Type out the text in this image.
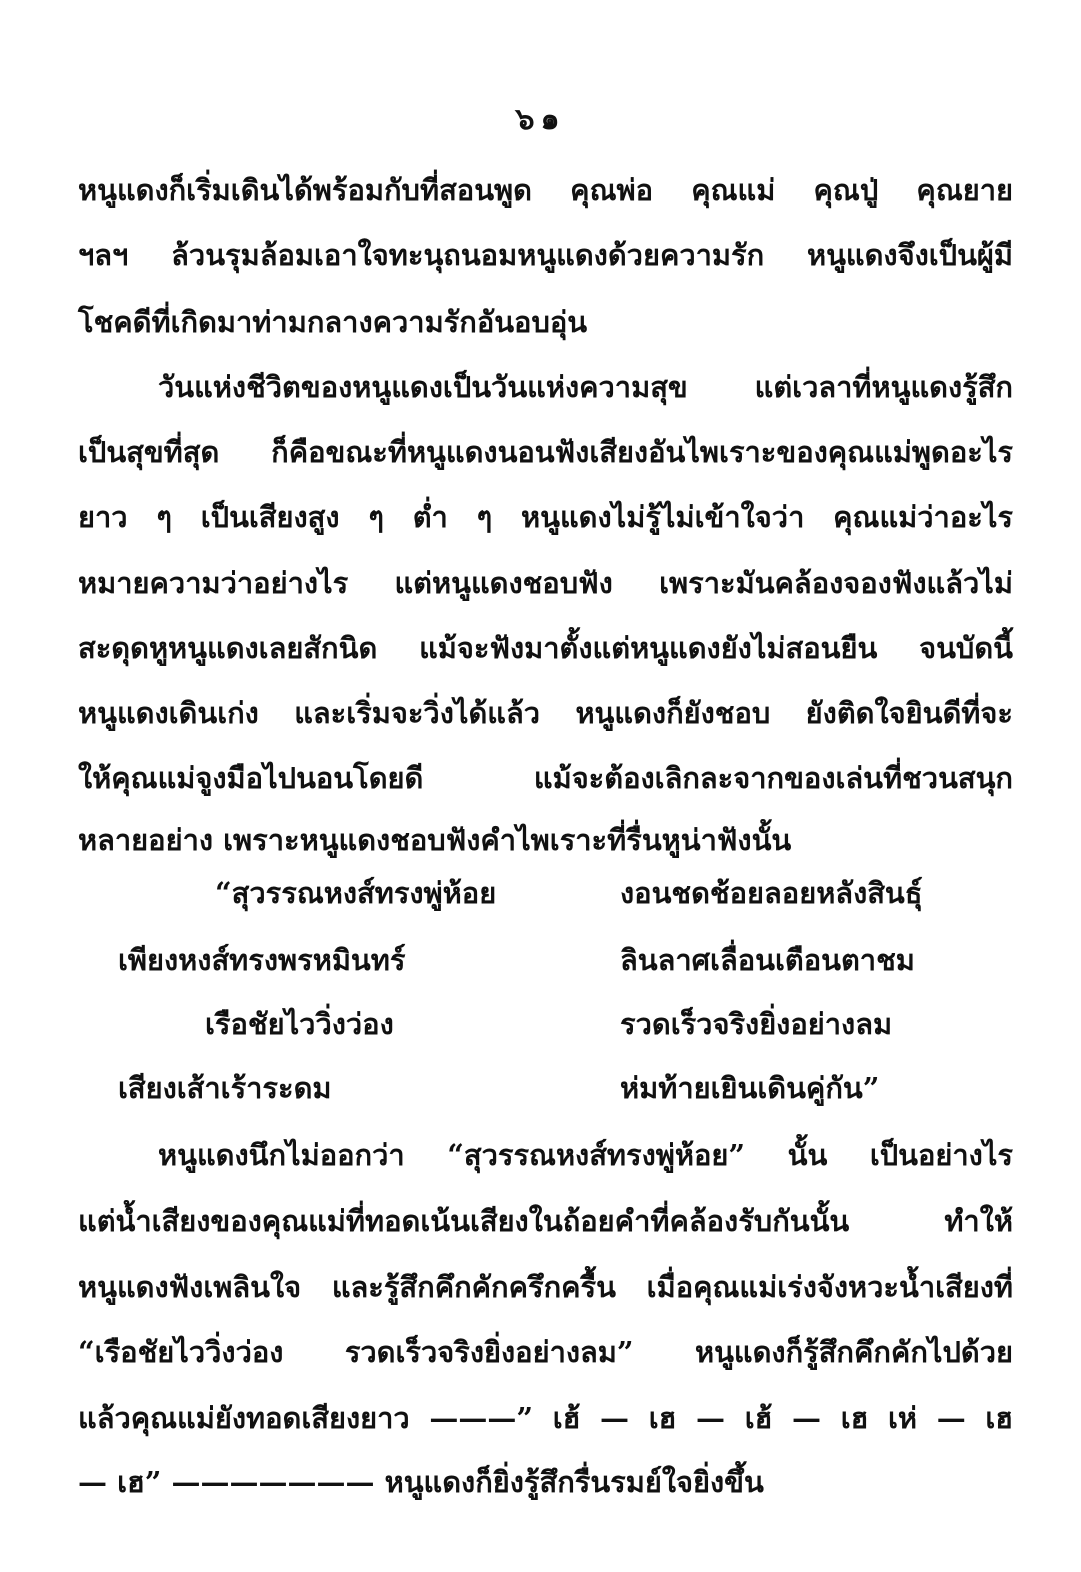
๖๑
หนูแดงก็เริ่มเดินได้พร้อมกับที่สอนพูด คุณพ่อ คุณแม่ คุณปู่ คุณยาย
ฯลฯ ล้วนรุมล้อมเอาใจทะนุถนอมหนูแดงด้วยความรัก หนูแดงจึงเป็นผู้มี
โชคดีที่เกิดมาท่ามกลางความรักอันอบอุ่น
วันแห่งชีวิตของหนูแดงเป็นวันแห่งความสุข แต่เวลาที่หนูแดงรู้สึก
เป็นสุขที่สุด ก็คือขณะที่หนูแดงนอนฟังเสียงอันไพเราะของคุณแม่พูดอะไร
ยาว ๆ เป็นเสียงสูง ๆ ต่ำ ๆ หนูแดงไม่รู้ไม่เข้าใจว่า คุณแม่ว่าอะไร
หมายความว่าอย่างไร แต่หนูแดงชอบฟัง เพราะมันคล้องจองฟังแล้วไม่
สะดุดหูหนูแดงเลยสักนิด แม้จะฟังมาตั้งแต่หนูแดงยังไม่สอนยืน จนบัดนี้
หนูแดงเดินเก่ง และเริ่มจะวิ่งได้แล้ว หนูแดงก็ยังชอบ ยังติดใจยินดีที่จะ
ให้คุณแม่จูงมือไปนอนโดยดี แม้จะต้องเลิกละจากของเล่นที่ชวนสนุก
หลายอย่าง เพราะหนูแดงชอบฟังคำไพเราะที่รื่นหูน่าฟังนั้น
“สุวรรณหงส์ทรงพู่ห้อย	งอนชดช้อยลอยหลังสินธุ์
เพียงหงส์ทรงพรหมินทร์	ลินลาศเลื่อนเตือนตาชม
เรือชัยไววิ่งว่อง	รวดเร็วจริงยิ่งอย่างลม
เสียงเส้าเร้าระดม	ห่มท้ายเยินเดินคู่กัน”
หนูแดงนึกไม่ออกว่า “สุวรรณหงส์ทรงพู่ห้อย” นั้น เป็นอย่างไร
แต่น้ำเสียงของคุณแม่ที่ทอดเน้นเสียงในถ้อยคำที่คล้องรับกันนั้น ทำให้
หนูแดงฟังเพลินใจ และรู้สึกคึกคักครึกครื้น เมื่อคุณแม่เร่งจังหวะน้ำเสียงที่
“เรือชัยไววิ่งว่อง รวดเร็วจริงยิ่งอย่างลม” หนูแดงก็รู้สึกคึกคักไปด้วย
แล้วคุณแม่ยังทอดเสียงยาว ———” เฮ้ — เฮ — เฮ้ — เฮ เห่ — เฮ
— เฮ” ——————— หนูแดงก็ยิ่งรู้สึกรื่นรมย์ใจยิ่งขึ้น
